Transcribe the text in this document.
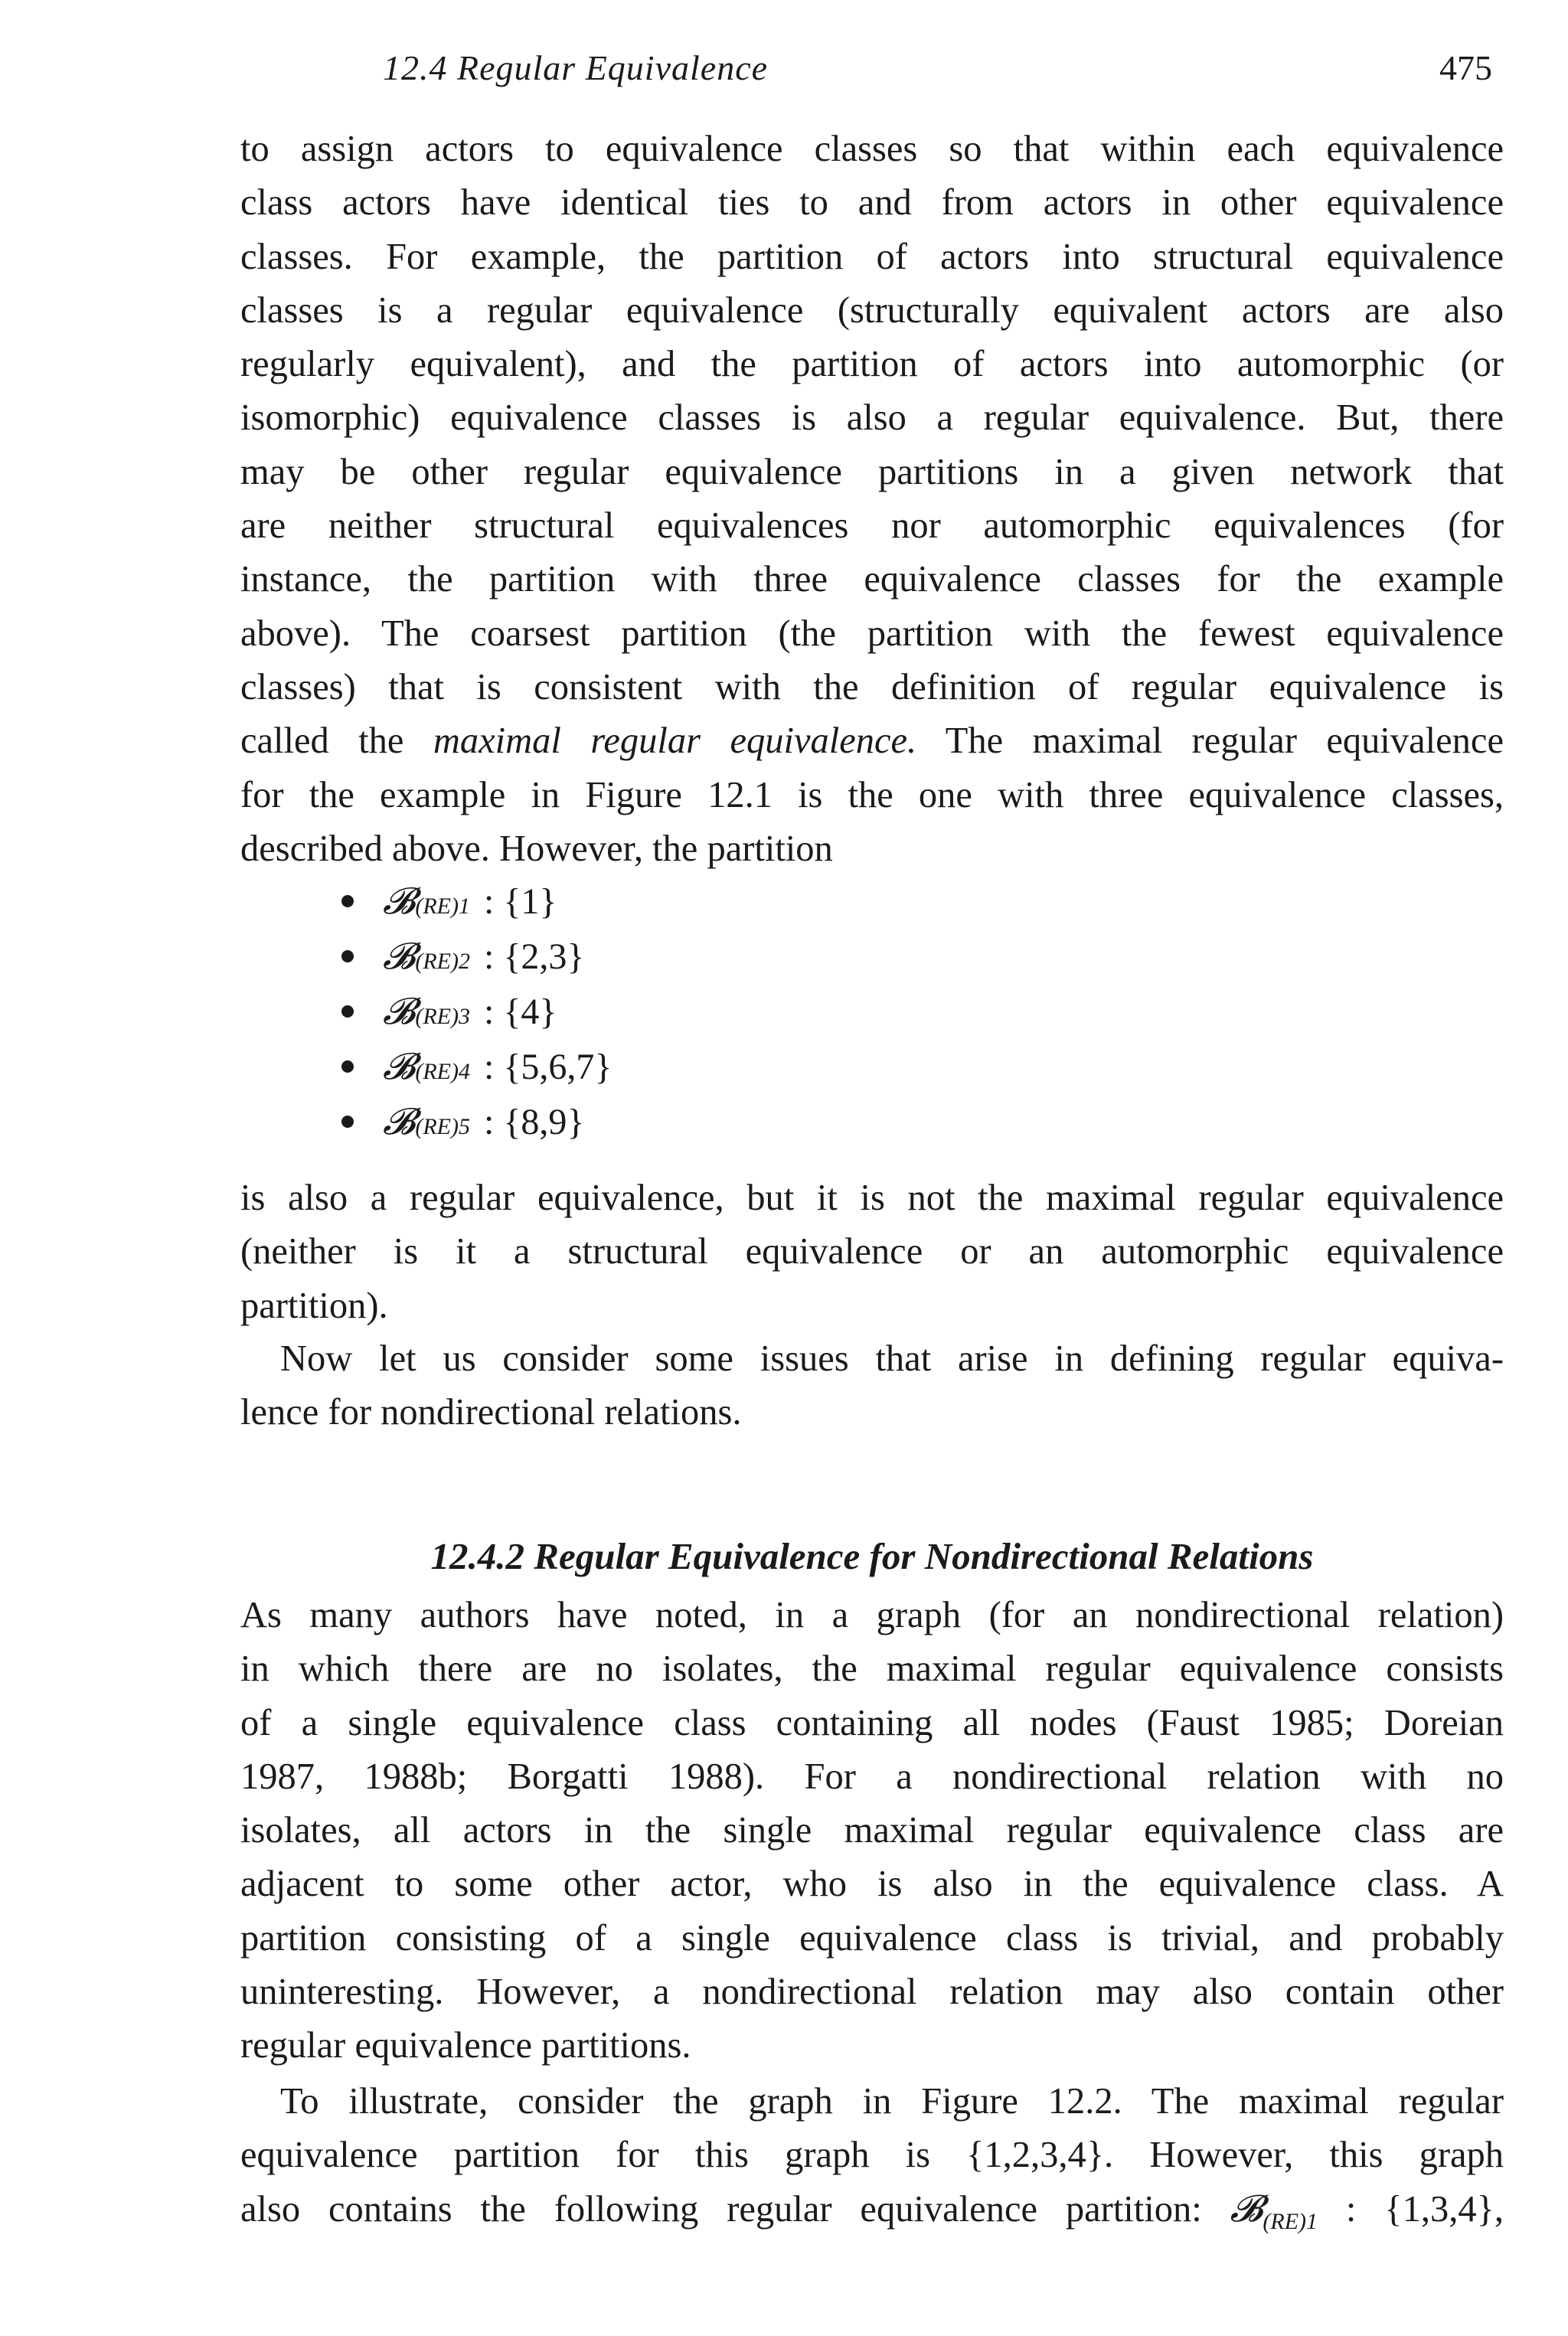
12.4 Regular Equivalence	475

to assign actors to equivalence classes so that within each equivalence

class actors have identical ties to and from actors in other equivalence

classes. For example, the partition of actors into structural equivalence

classes is a regular equivalence (structurally equivalent actors are also

regularly equivalent), and the partition of actors into automorphic (or

isomorphic) equivalence classes is also a regular equivalence. But, there

may be other regular equivalence partitions in a given network that

are neither structural equivalences nor automorphic equivalences (for

instance, the partition with three equivalence classes for the example

above). The coarsest partition (the partition with the fewest equivalence

classes) that is consistent with the definition of regular equivalence is

called the maximal regular equivalence. The maximal regular equivalence

for the example in Figure 12.1 is the one with three equivalence classes,

described above. However, the partition

𝓑 (RE)1 : {1}
𝓑 (RE)2 : {2,3}
𝓑 (RE)3 : {4}
𝓑 (RE)4 : {5,6,7}
𝓑 (RE)5 : {8,9}

is also a regular equivalence, but it is not the maximal regular equivalence

(neither is it a structural equivalence or an automorphic equivalence

partition).

Now let us consider some issues that arise in defining regular equiva-

lence for nondirectional relations.

12.4.2 Regular Equivalence for Nondirectional Relations

As many authors have noted, in a graph (for an nondirectional relation)

in which there are no isolates, the maximal regular equivalence consists

of a single equivalence class containing all nodes (Faust 1985; Doreian

1987, 1988b; Borgatti 1988). For a nondirectional relation with no

isolates, all actors in the single maximal regular equivalence class are

adjacent to some other actor, who is also in the equivalence class. A

partition consisting of a single equivalence class is trivial, and probably

uninteresting. However, a nondirectional relation may also contain other

regular equivalence partitions.

To illustrate, consider the graph in Figure 12.2. The maximal regular

equivalence partition for this graph is {1,2,3,4}. However, this graph

also contains the following regular equivalence partition: 𝓑$_{(RE)1}$ : {1,3,4},
